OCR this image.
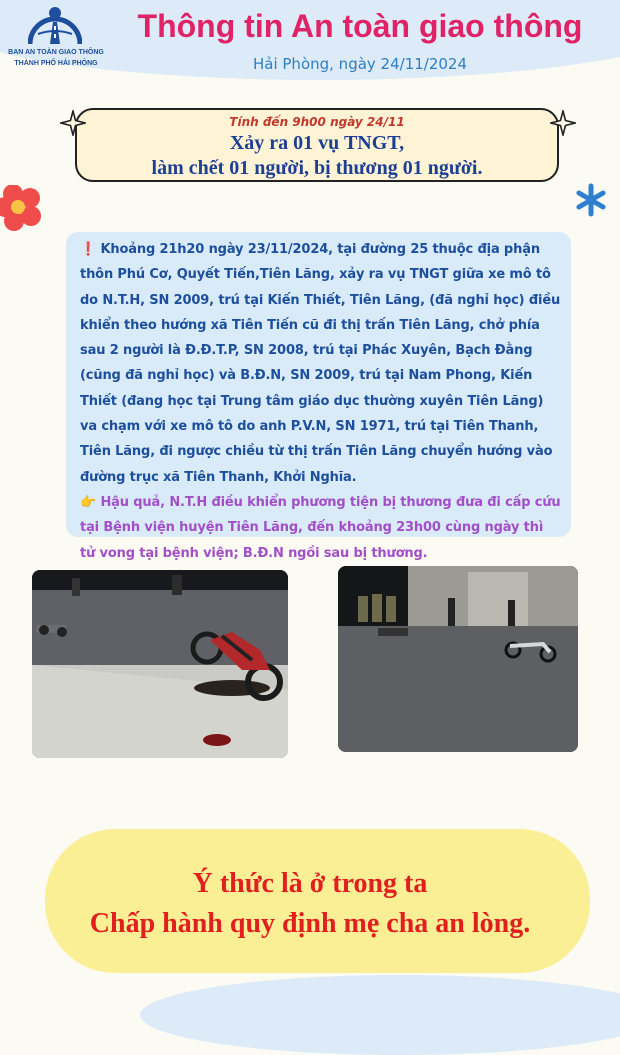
BAN AN TOÀN GIAO THÔNG
THÀNH PHỐ HẢI PHÒNG
Thông tin An toàn giao thông
Hải Phòng, ngày 24/11/2024
Tính đến 9h00 ngày 24/11
Xảy ra 01 vụ TNGT,
làm chết 01 người, bị thương 01 người.

❗ Khoảng 21h20 ngày 23/11/2024, tại đường 25 thuộc địa phận thôn Phú Cơ, Quyết Tiến,Tiên Lãng, xảy ra vụ TNGT giữa xe mô tô do N.T.H, SN 2009, trú tại Kiến Thiết, Tiên Lãng, (đã nghỉ học) điều khiển theo hướng xã Tiên Tiến cũ đi thị trấn Tiên Lãng, chở phía sau 2 người là Đ.Đ.T.P, SN 2008, trú tại Phác Xuyên, Bạch Đằng (cũng đã nghỉ học) và B.Đ.N, SN 2009, trú tại Nam Phong, Kiến Thiết (đang học tại Trung tâm giáo dục thường xuyên Tiên Lãng) va chạm với xe mô tô do anh P.V.N, SN 1971, trú tại Tiên Thanh, Tiên Lãng, đi ngược chiều từ thị trấn Tiên Lãng chuyển hướng vào đường trục xã Tiên Thanh, Khởi Nghĩa.

👉 Hậu quả, N.T.H điều khiển phương tiện bị thương đưa đi cấp cứu tại Bệnh viện huyện Tiên Lãng, đến khoảng 23h00 cùng ngày thì tử vong tại bệnh viện; B.Đ.N ngồi sau bị thương.

Ý thức là ở trong ta
Chấp hành quy định mẹ cha an lòng.
